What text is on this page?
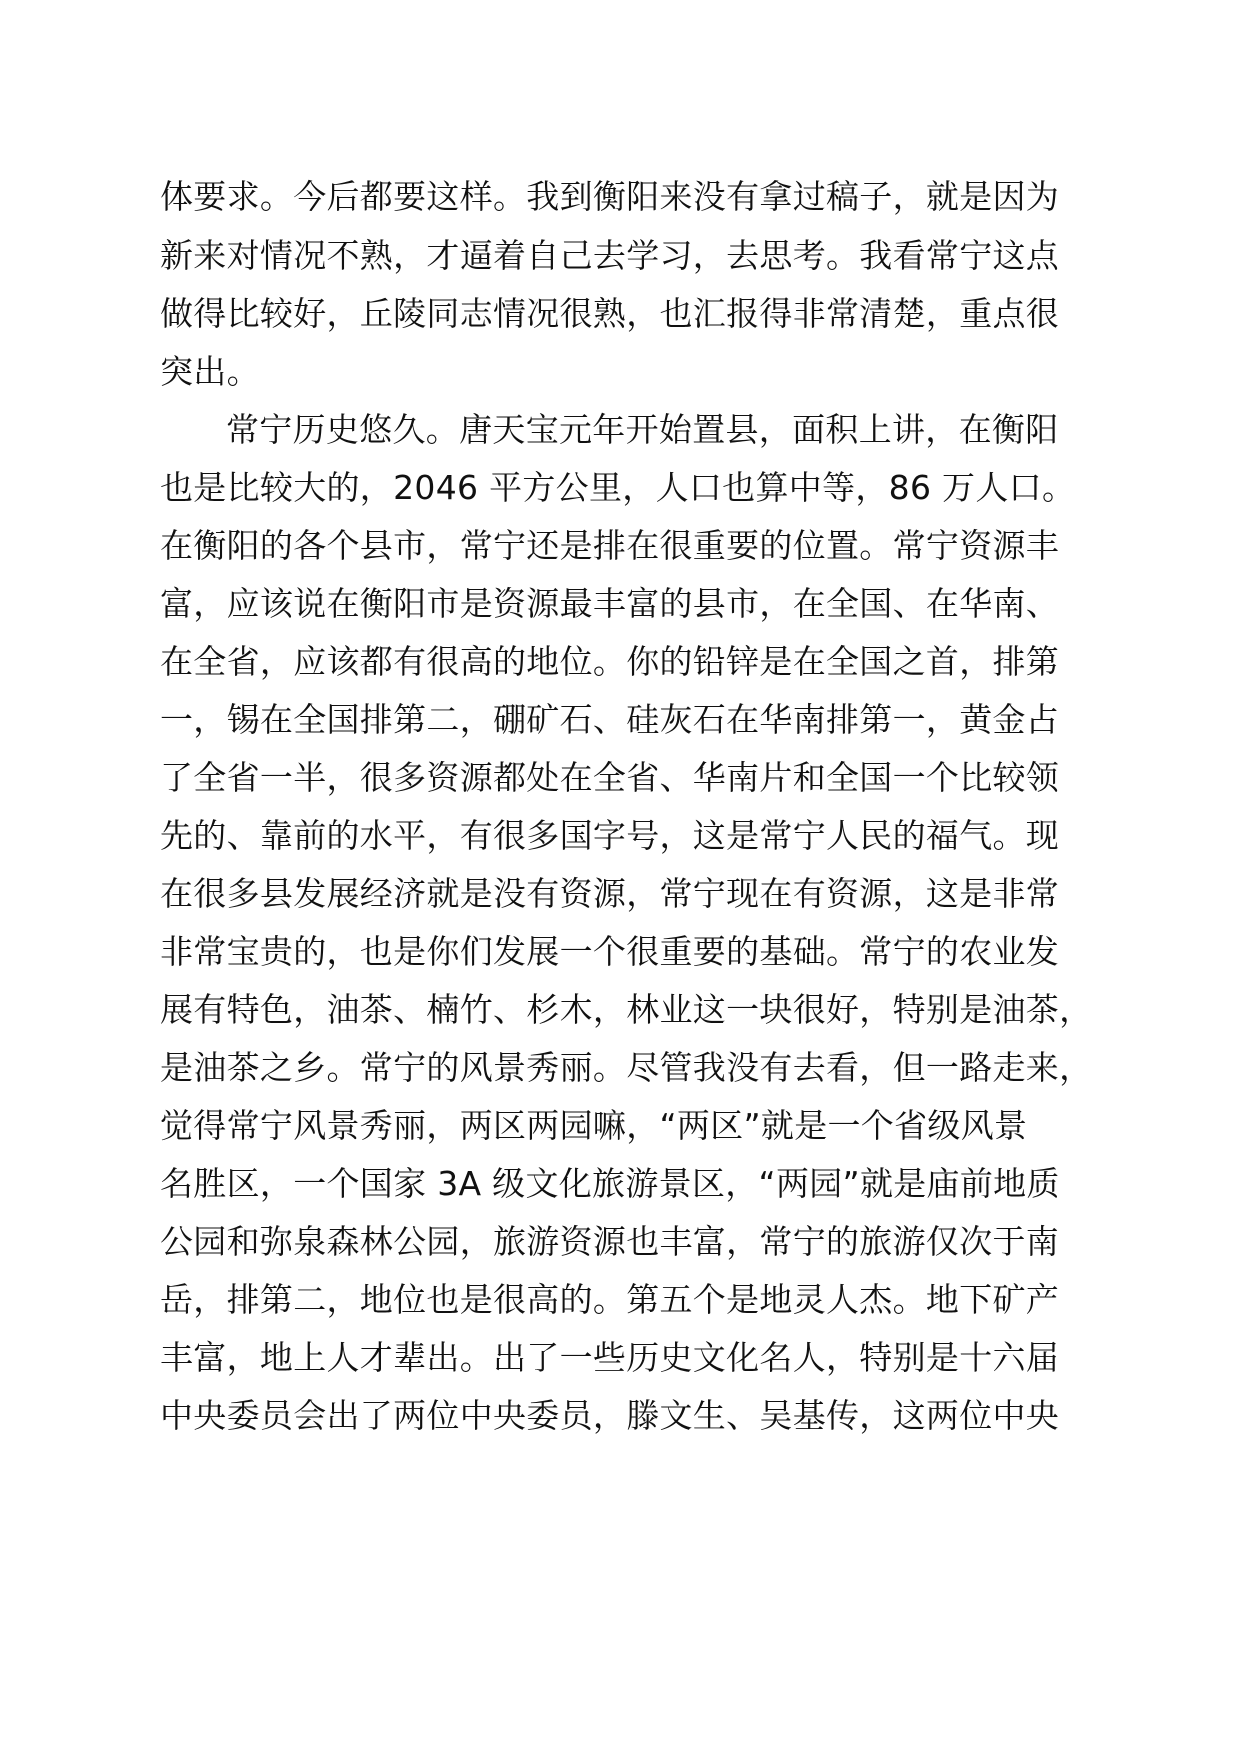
体要求。今后都要这样。我到衡阳来没有拿过稿子，就是因为
新来对情况不熟，才逼着自己去学习，去思考。我看常宁这点
做得比较好，丘陵同志情况很熟，也汇报得非常清楚，重点很
突出。
常宁历史悠久。唐天宝元年开始置县，面积上讲，在衡阳
也是比较大的，2046 平方公里，人口也算中等，86 万人口。
在衡阳的各个县市，常宁还是排在很重要的位置。常宁资源丰
富，应该说在衡阳市是资源最丰富的县市，在全国、在华南、
在全省，应该都有很高的地位。你的铅锌是在全国之首，排第
一，锡在全国排第二，硼矿石、硅灰石在华南排第一，黄金占
了全省一半，很多资源都处在全省、华南片和全国一个比较领
先的、靠前的水平，有很多国字号，这是常宁人民的福气。现
在很多县发展经济就是没有资源，常宁现在有资源，这是非常
非常宝贵的，也是你们发展一个很重要的基础。常宁的农业发
展有特色，油茶、楠竹、杉木，林业这一块很好，特别是油茶，
是油茶之乡。常宁的风景秀丽。尽管我没有去看，但一路走来，
觉得常宁风景秀丽，两区两园嘛，“两区”就是一个省级风景
名胜区，一个国家 3A 级文化旅游景区，“两园”就是庙前地质
公园和弥泉森林公园，旅游资源也丰富，常宁的旅游仅次于南
岳，排第二，地位也是很高的。第五个是地灵人杰。地下矿产
丰富，地上人才辈出。出了一些历史文化名人，特别是十六届
中央委员会出了两位中央委员，滕文生、吴基传，这两位中央
